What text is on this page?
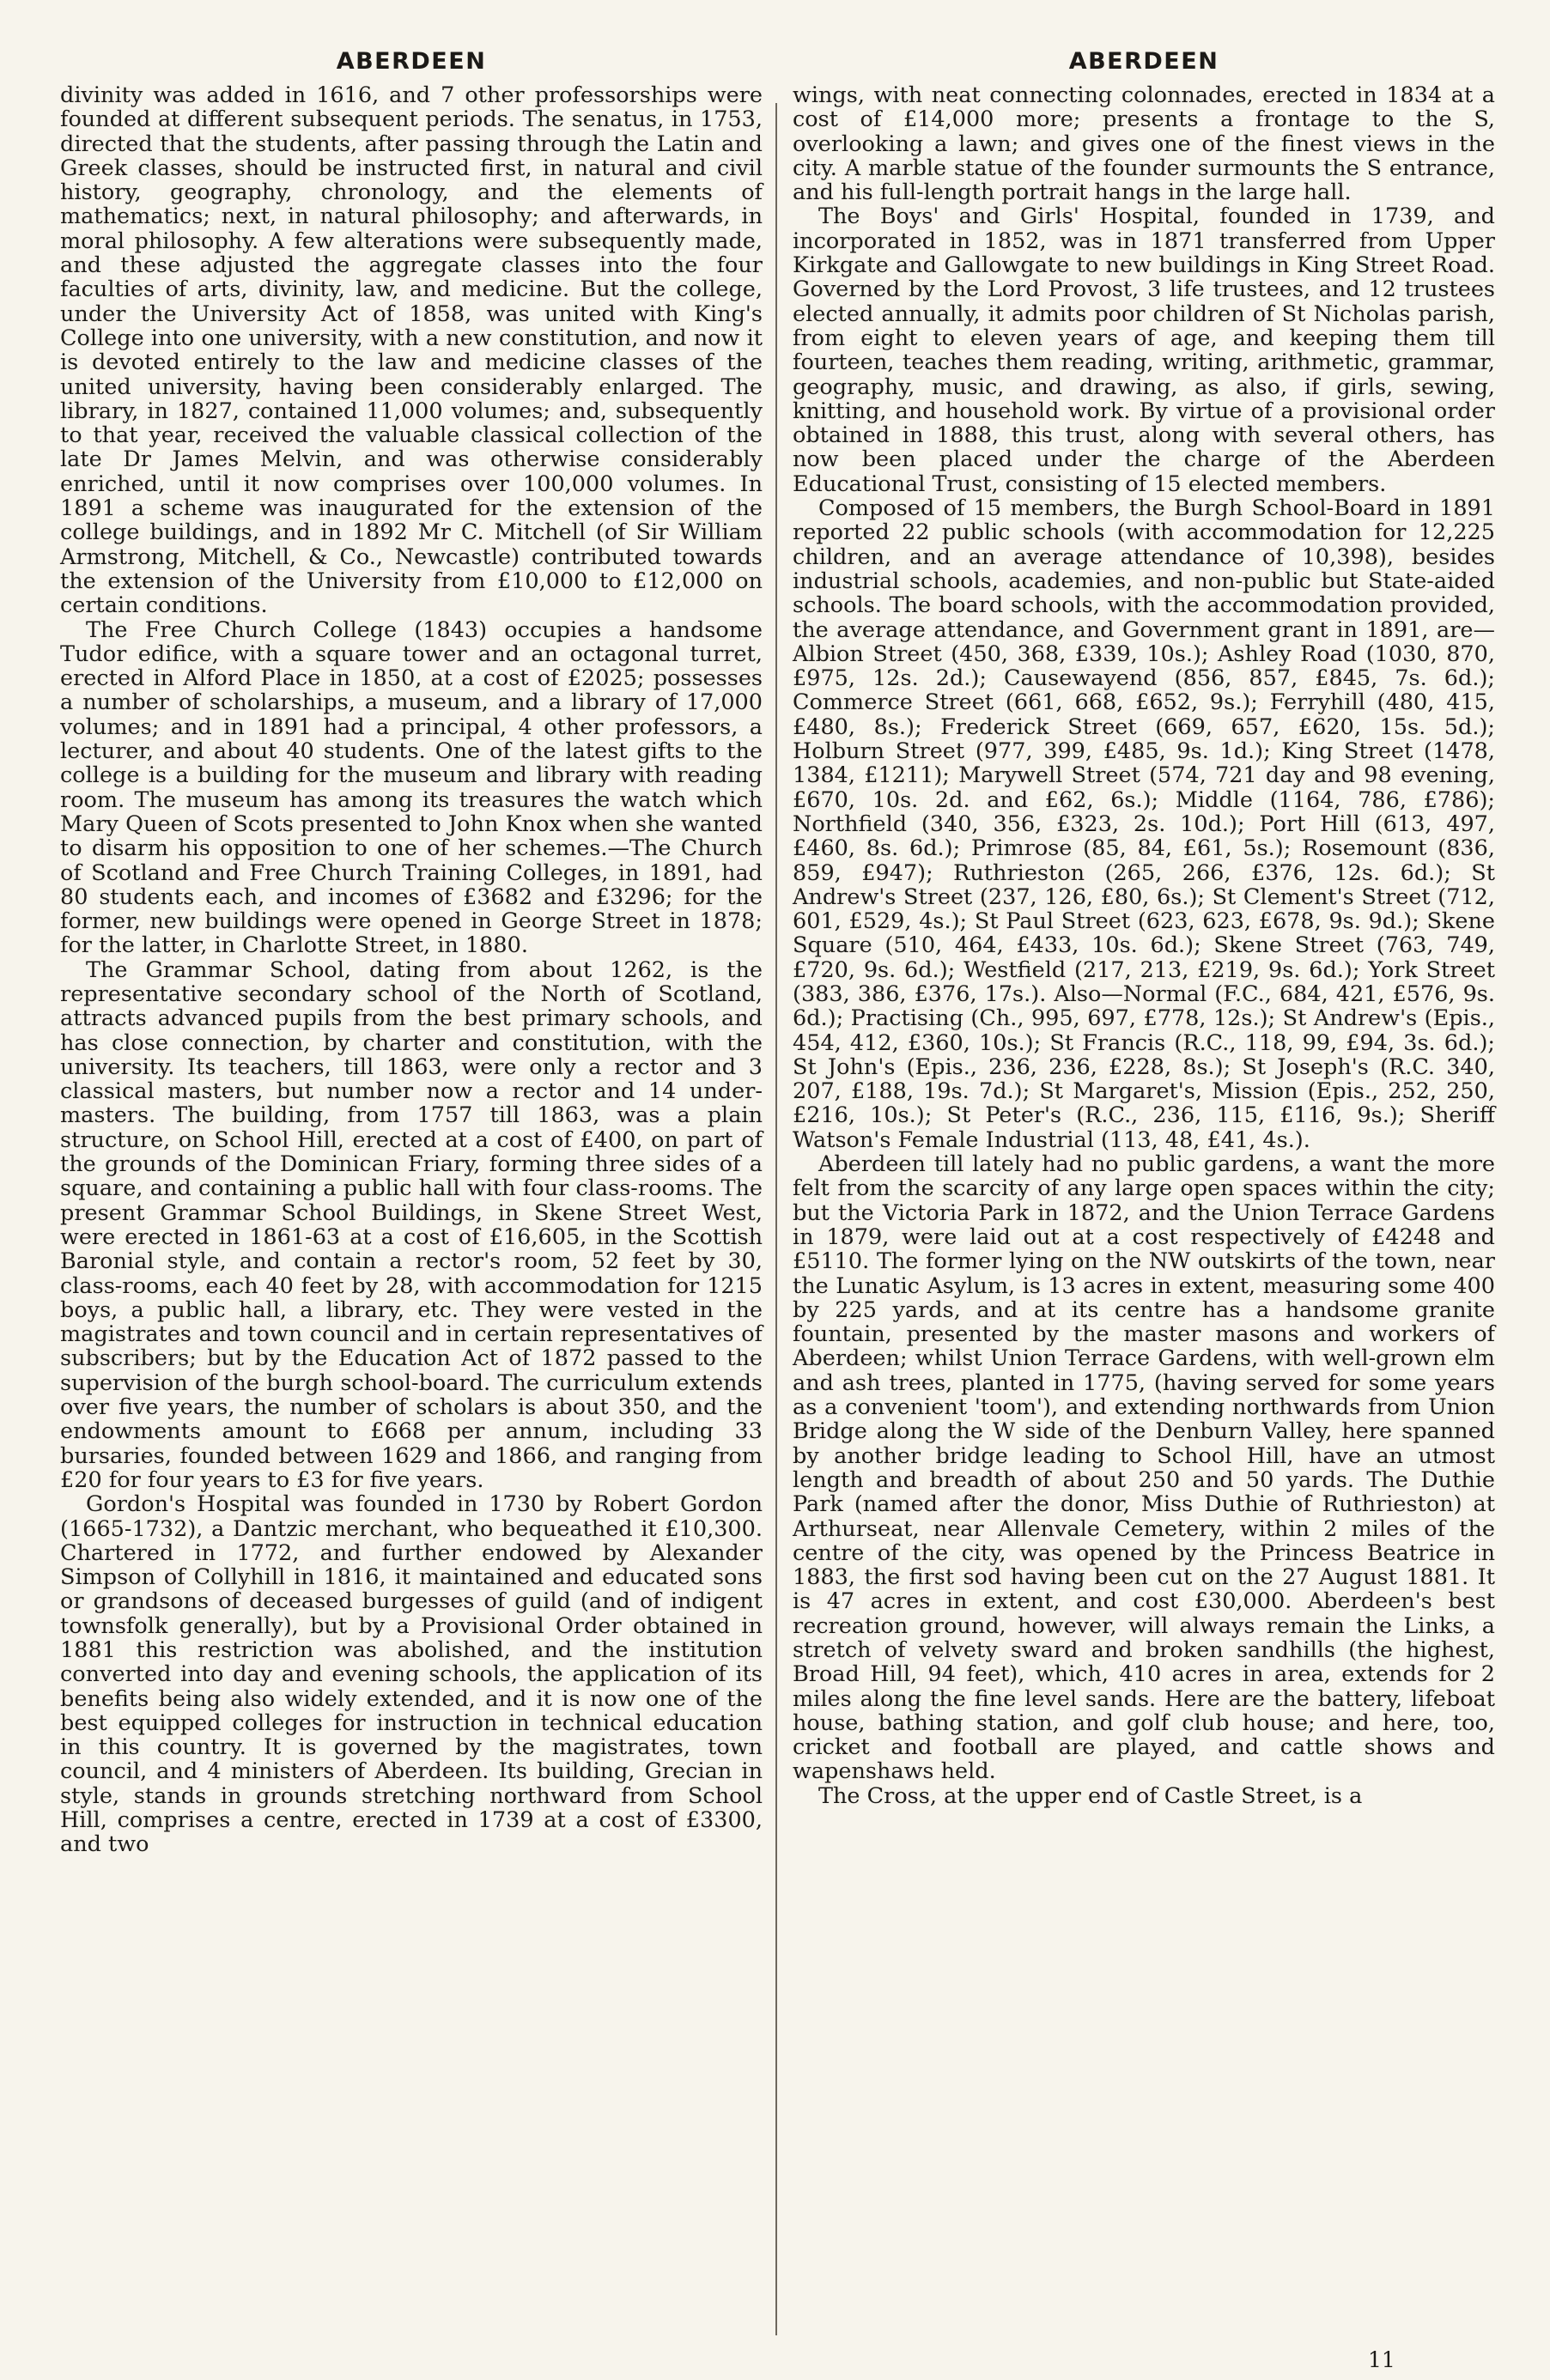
ABERDEEN

divinity was added in 1616, and 7 other professorships were founded at different subsequent periods. The senatus, in 1753, directed that the students, after passing through the Latin and Greek classes, should be instructed first, in natural and civil history, geography, chronology, and the elements of mathematics; next, in natural philosophy; and afterwards, in moral philosophy. A few alterations were subsequently made, and these adjusted the aggregate classes into the four faculties of arts, divinity, law, and medicine. But the college, under the University Act of 1858, was united with King's College into one university, with a new constitution, and now it is devoted entirely to the law and medicine classes of the united university, having been considerably enlarged. The library, in 1827, contained 11,000 volumes; and, subsequently to that year, received the valuable classical collection of the late Dr James Melvin, and was otherwise considerably enriched, until it now comprises over 100,000 volumes. In 1891 a scheme was inaugurated for the extension of the college buildings, and in 1892 Mr C. Mitchell (of Sir William Armstrong, Mitchell, & Co., Newcastle) contributed towards the extension of the University from £10,000 to £12,000 on certain conditions.

The Free Church College (1843) occupies a handsome Tudor edifice, with a square tower and an octagonal turret, erected in Alford Place in 1850, at a cost of £2025; possesses a number of scholarships, a museum, and a library of 17,000 volumes; and in 1891 had a principal, 4 other professors, a lecturer, and about 40 students. One of the latest gifts to the college is a building for the museum and library with reading room. The museum has among its treasures the watch which Mary Queen of Scots presented to John Knox when she wanted to disarm his opposition to one of her schemes.—The Church of Scotland and Free Church Training Colleges, in 1891, had 80 students each, and incomes of £3682 and £3296; for the former, new buildings were opened in George Street in 1878; for the latter, in Charlotte Street, in 1880.

The Grammar School, dating from about 1262, is the representative secondary school of the North of Scotland, attracts advanced pupils from the best primary schools, and has close connection, by charter and constitution, with the university. Its teachers, till 1863, were only a rector and 3 classical masters, but number now a rector and 14 under-masters. The building, from 1757 till 1863, was a plain structure, on School Hill, erected at a cost of £400, on part of the grounds of the Dominican Friary, forming three sides of a square, and containing a public hall with four class-rooms. The present Grammar School Buildings, in Skene Street West, were erected in 1861-63 at a cost of £16,605, in the Scottish Baronial style, and contain a rector's room, 52 feet by 30, class-rooms, each 40 feet by 28, with accommodation for 1215 boys, a public hall, a library, etc. They were vested in the magistrates and town council and in certain representatives of subscribers; but by the Education Act of 1872 passed to the supervision of the burgh school-board. The curriculum extends over five years, the number of scholars is about 350, and the endowments amount to £668 per annum, including 33 bursaries, founded between 1629 and 1866, and ranging from £20 for four years to £3 for five years.

Gordon's Hospital was founded in 1730 by Robert Gordon (1665-1732), a Dantzic merchant, who bequeathed it £10,300. Chartered in 1772, and further endowed by Alexander Simpson of Collyhill in 1816, it maintained and educated sons or grandsons of deceased burgesses of guild (and of indigent townsfolk generally), but by a Provisional Order obtained in 1881 this restriction was abolished, and the institution converted into day and evening schools, the application of its benefits being also widely extended, and it is now one of the best equipped colleges for instruction in technical education in this country. It is governed by the magistrates, town council, and 4 ministers of Aberdeen. Its building, Grecian in style, stands in grounds stretching northward from School Hill, comprises a centre, erected in 1739 at a cost of £3300, and two

ABERDEEN

wings, with neat connecting colonnades, erected in 1834 at a cost of £14,000 more; presents a frontage to the S, overlooking a lawn; and gives one of the finest views in the city. A marble statue of the founder surmounts the S entrance, and his full-length portrait hangs in the large hall.

The Boys' and Girls' Hospital, founded in 1739, and incorporated in 1852, was in 1871 transferred from Upper Kirkgate and Gallowgate to new buildings in King Street Road. Governed by the Lord Provost, 3 life trustees, and 12 trustees elected annually, it admits poor children of St Nicholas parish, from eight to eleven years of age, and keeping them till fourteen, teaches them reading, writing, arithmetic, grammar, geography, music, and drawing, as also, if girls, sewing, knitting, and household work. By virtue of a provisional order obtained in 1888, this trust, along with several others, has now been placed under the charge of the Aberdeen Educational Trust, consisting of 15 elected members.

Composed of 15 members, the Burgh School-Board in 1891 reported 22 public schools (with accommodation for 12,225 children, and an average attendance of 10,398), besides industrial schools, academies, and non-public but State-aided schools. The board schools, with the accommodation provided, the average attendance, and Government grant in 1891, are—Albion Street (450, 368, £339, 10s.); Ashley Road (1030, 870, £975, 12s. 2d.); Causewayend (856, 857, £845, 7s. 6d.); Commerce Street (661, 668, £652, 9s.); Ferryhill (480, 415, £480, 8s.); Frederick Street (669, 657, £620, 15s. 5d.); Holburn Street (977, 399, £485, 9s. 1d.); King Street (1478, 1384, £1211); Marywell Street (574, 721 day and 98 evening, £670, 10s. 2d. and £62, 6s.); Middle (1164, 786, £786); Northfield (340, 356, £323, 2s. 10d.); Port Hill (613, 497, £460, 8s. 6d.); Primrose (85, 84, £61, 5s.); Rosemount (836, 859, £947); Ruthrieston (265, 266, £376, 12s. 6d.); St Andrew's Street (237, 126, £80, 6s.); St Clement's Street (712, 601, £529, 4s.); St Paul Street (623, 623, £678, 9s. 9d.); Skene Square (510, 464, £433, 10s. 6d.); Skene Street (763, 749, £720, 9s. 6d.); Westfield (217, 213, £219, 9s. 6d.); York Street (383, 386, £376, 17s.). Also—Normal (F.C., 684, 421, £576, 9s. 6d.); Practising (Ch., 995, 697, £778, 12s.); St Andrew's (Epis., 454, 412, £360, 10s.); St Francis (R.C., 118, 99, £94, 3s. 6d.); St John's (Epis., 236, 236, £228, 8s.); St Joseph's (R.C. 340, 207, £188, 19s. 7d.); St Margaret's, Mission (Epis., 252, 250, £216, 10s.); St Peter's (R.C., 236, 115, £116, 9s.); Sheriff Watson's Female Industrial (113, 48, £41, 4s.).

Aberdeen till lately had no public gardens, a want the more felt from the scarcity of any large open spaces within the city; but the Victoria Park in 1872, and the Union Terrace Gardens in 1879, were laid out at a cost respectively of £4248 and £5110. The former lying on the NW outskirts of the town, near the Lunatic Asylum, is 13 acres in extent, measuring some 400 by 225 yards, and at its centre has a handsome granite fountain, presented by the master masons and workers of Aberdeen; whilst Union Terrace Gardens, with well-grown elm and ash trees, planted in 1775, (having served for some years as a convenient 'toom'), and extending northwards from Union Bridge along the W side of the Denburn Valley, here spanned by another bridge leading to School Hill, have an utmost length and breadth of about 250 and 50 yards. The Duthie Park (named after the donor, Miss Duthie of Ruthrieston) at Arthurseat, near Allenvale Cemetery, within 2 miles of the centre of the city, was opened by the Princess Beatrice in 1883, the first sod having been cut on the 27 August 1881. It is 47 acres in extent, and cost £30,000. Aberdeen's best recreation ground, however, will always remain the Links, a stretch of velvety sward and broken sandhills (the highest, Broad Hill, 94 feet), which, 410 acres in area, extends for 2 miles along the fine level sands. Here are the battery, lifeboat house, bathing station, and golf club house; and here, too, cricket and football are played, and cattle shows and wapenshaws held.

The Cross, at the upper end of Castle Street, is a

11
